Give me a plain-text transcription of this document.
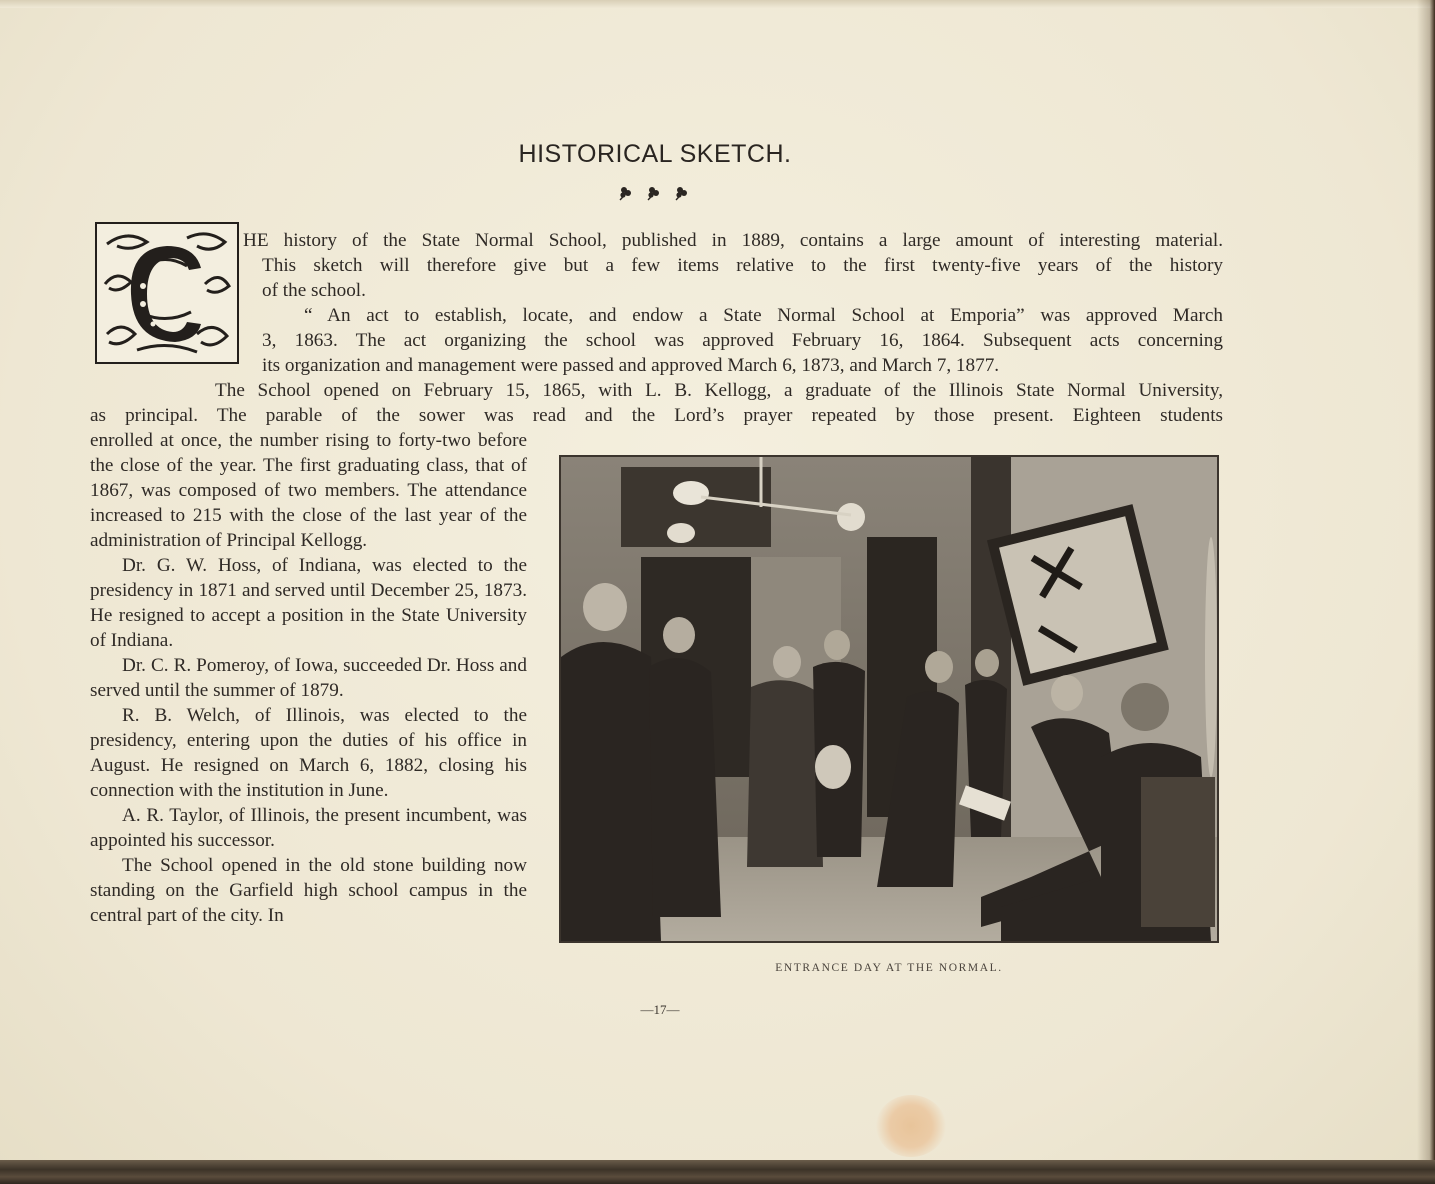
HISTORICAL SKETCH.
HE history of the State Normal School, published in 1889, contains a large amount of interesting material.
This sketch will therefore give but a few items relative to the first twenty-five years of the history
of the school.
“ An act to establish, locate, and endow a State Normal School at Emporia” was approved March
3, 1863. The act organizing the school was approved February 16, 1864. Subsequent acts concerning
its organization and management were passed and approved March 6, 1873, and March 7, 1877.
The School opened on February 15, 1865, with L. B. Kellogg, a graduate of the Illinois State Normal University,
as principal. The parable of the sower was read and the Lord’s prayer repeated by those present. Eighteen students

enrolled at once, the number rising to forty-two before the close of the year. The first graduating class, that of 1867, was composed of two members. The attendance increased to 215 with the close of the last year of the administration of Principal Kellogg.

Dr. G. W. Hoss, of Indiana, was elected to the presidency in 1871 and served until December 25, 1873. He resigned to accept a position in the State University of Indiana.

Dr. C. R. Pomeroy, of Iowa, succeeded Dr. Hoss and served until the summer of 1879.

R. B. Welch, of Illinois, was elected to the presidency, entering upon the duties of his office in August. He resigned on March 6, 1882, closing his connection with the institution in June.

A. R. Taylor, of Illinois, the present incumbent, was appointed his successor.

The School opened in the old stone building now standing on the Garfield high school campus in the central part of the city. In

ENTRANCE DAY AT THE NORMAL.
—17—
